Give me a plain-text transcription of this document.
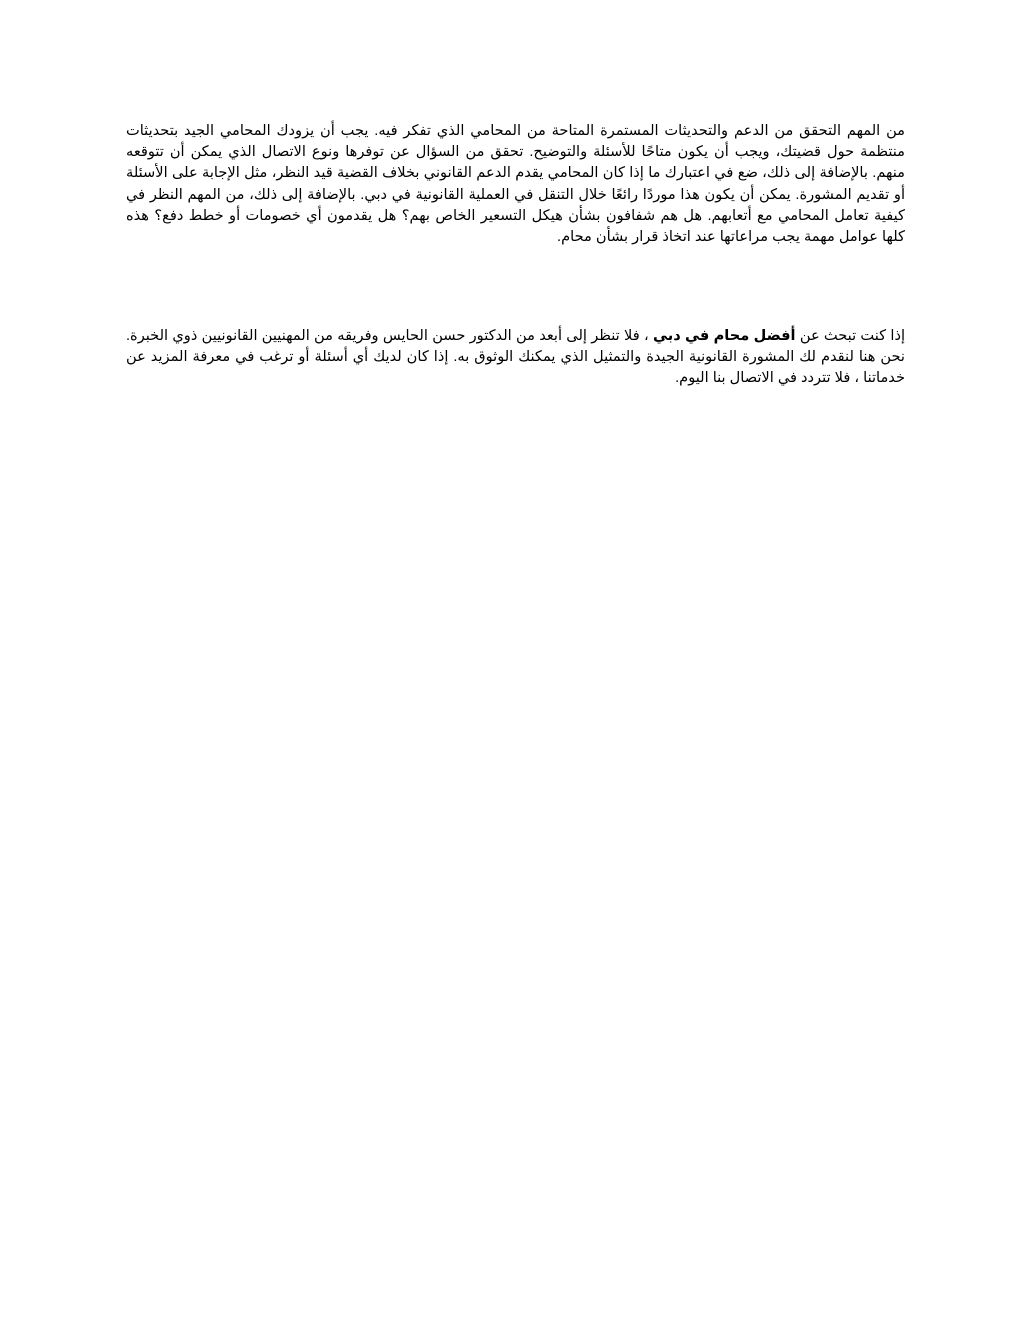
من المهم التحقق من الدعم والتحديثات المستمرة المتاحة من المحامي الذي تفكر فيه. يجب أن يزودك المحامي الجيد بتحديثات منتظمة حول قضيتك، ويجب أن يكون متاحًا للأسئلة والتوضيح. تحقق من السؤال عن توفرها ونوع الاتصال الذي يمكن أن تتوقعه منهم. بالإضافة إلى ذلك، ضع في اعتبارك ما إذا كان المحامي يقدم الدعم القانوني بخلاف القضية قيد النظر، مثل الإجابة على الأسئلة أو تقديم المشورة. يمكن أن يكون هذا موردًا رائعًا خلال التنقل في العملية القانونية في دبي. بالإضافة إلى ذلك، من المهم النظر في كيفية تعامل المحامي مع أتعابهم. هل هم شفافون بشأن هيكل التسعير الخاص بهم؟ هل يقدمون أي خصومات أو خطط دفع؟ هذه كلها عوامل مهمة يجب مراعاتها عند اتخاذ قرار بشأن محام.

إذا كنت تبحث عن أفضل محام في دبي ، فلا تنظر إلى أبعد من الدكتور حسن الحايس وفريقه من المهنيين القانونيين ذوي الخبرة. نحن هنا لنقدم لك المشورة القانونية الجيدة والتمثيل الذي يمكنك الوثوق به. إذا كان لديك أي أسئلة أو ترغب في معرفة المزيد عن خدماتنا ، فلا تتردد في الاتصال بنا اليوم.
